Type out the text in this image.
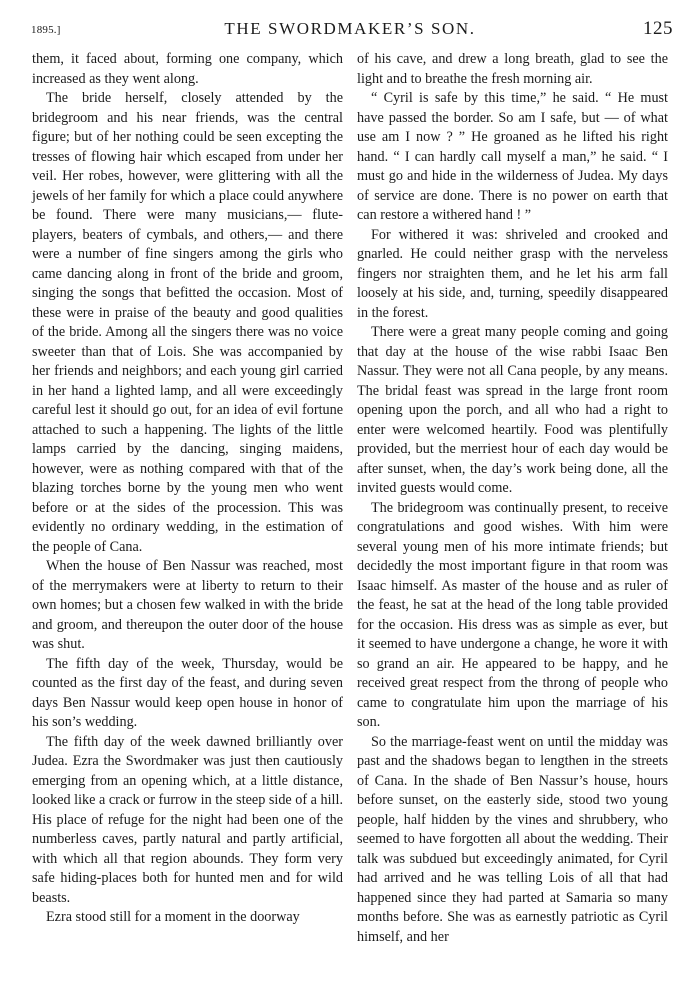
1895.]	THE SWORDMAKER’S SON.	125

them, it faced about, forming one company, which increased as they went along.

The bride herself, closely attended by the bridegroom and his near friends, was the central figure; but of her nothing could be seen excepting the tresses of flowing hair which escaped from under her veil. Her robes, however, were glittering with all the jewels of her family for which a place could anywhere be found. There were many musicians,— flute-players, beaters of cymbals, and others,— and there were a number of fine singers among the girls who came dancing along in front of the bride and groom, singing the songs that befitted the occasion. Most of these were in praise of the beauty and good qualities of the bride. Among all the singers there was no voice sweeter than that of Lois. She was accompanied by her friends and neighbors; and each young girl carried in her hand a lighted lamp, and all were exceedingly careful lest it should go out, for an idea of evil fortune attached to such a happening. The lights of the little lamps carried by the dancing, singing maidens, however, were as nothing compared with that of the blazing torches borne by the young men who went before or at the sides of the procession. This was evidently no ordinary wedding, in the estimation of the people of Cana.

When the house of Ben Nassur was reached, most of the merrymakers were at liberty to return to their own homes; but a chosen few walked in with the bride and groom, and thereupon the outer door of the house was shut.

The fifth day of the week, Thursday, would be counted as the first day of the feast, and during seven days Ben Nassur would keep open house in honor of his son’s wedding.

The fifth day of the week dawned brilliantly over Judea. Ezra the Swordmaker was just then cautiously emerging from an opening which, at a little distance, looked like a crack or furrow in the steep side of a hill. His place of refuge for the night had been one of the numberless caves, partly natural and partly artificial, with which all that region abounds. They form very safe hiding-places both for hunted men and for wild beasts.

Ezra stood still for a moment in the doorway

of his cave, and drew a long breath, glad to see the light and to breathe the fresh morning air.

“ Cyril is safe by this time,” he said. “ He must have passed the border. So am I safe, but — of what use am I now ? ” He groaned as he lifted his right hand. “ I can hardly call myself a man,” he said. “ I must go and hide in the wilderness of Judea. My days of service are done. There is no power on earth that can restore a withered hand ! ”

For withered it was: shriveled and crooked and gnarled. He could neither grasp with the nerveless fingers nor straighten them, and he let his arm fall loosely at his side, and, turning, speedily disappeared in the forest.

There were a great many people coming and going that day at the house of the wise rabbi Isaac Ben Nassur. They were not all Cana people, by any means. The bridal feast was spread in the large front room opening upon the porch, and all who had a right to enter were welcomed heartily. Food was plentifully provided, but the merriest hour of each day would be after sunset, when, the day’s work being done, all the invited guests would come.

The bridegroom was continually present, to receive congratulations and good wishes. With him were several young men of his more intimate friends; but decidedly the most important figure in that room was Isaac himself. As master of the house and as ruler of the feast, he sat at the head of the long table provided for the occasion. His dress was as simple as ever, but it seemed to have undergone a change, he wore it with so grand an air. He appeared to be happy, and he received great respect from the throng of people who came to congratulate him upon the marriage of his son.

So the marriage-feast went on until the midday was past and the shadows began to lengthen in the streets of Cana. In the shade of Ben Nassur’s house, hours before sunset, on the easterly side, stood two young people, half hidden by the vines and shrubbery, who seemed to have forgotten all about the wedding. Their talk was subdued but exceedingly animated, for Cyril had arrived and he was telling Lois of all that had happened since they had parted at Samaria so many months before. She was as earnestly patriotic as Cyril himself, and her
